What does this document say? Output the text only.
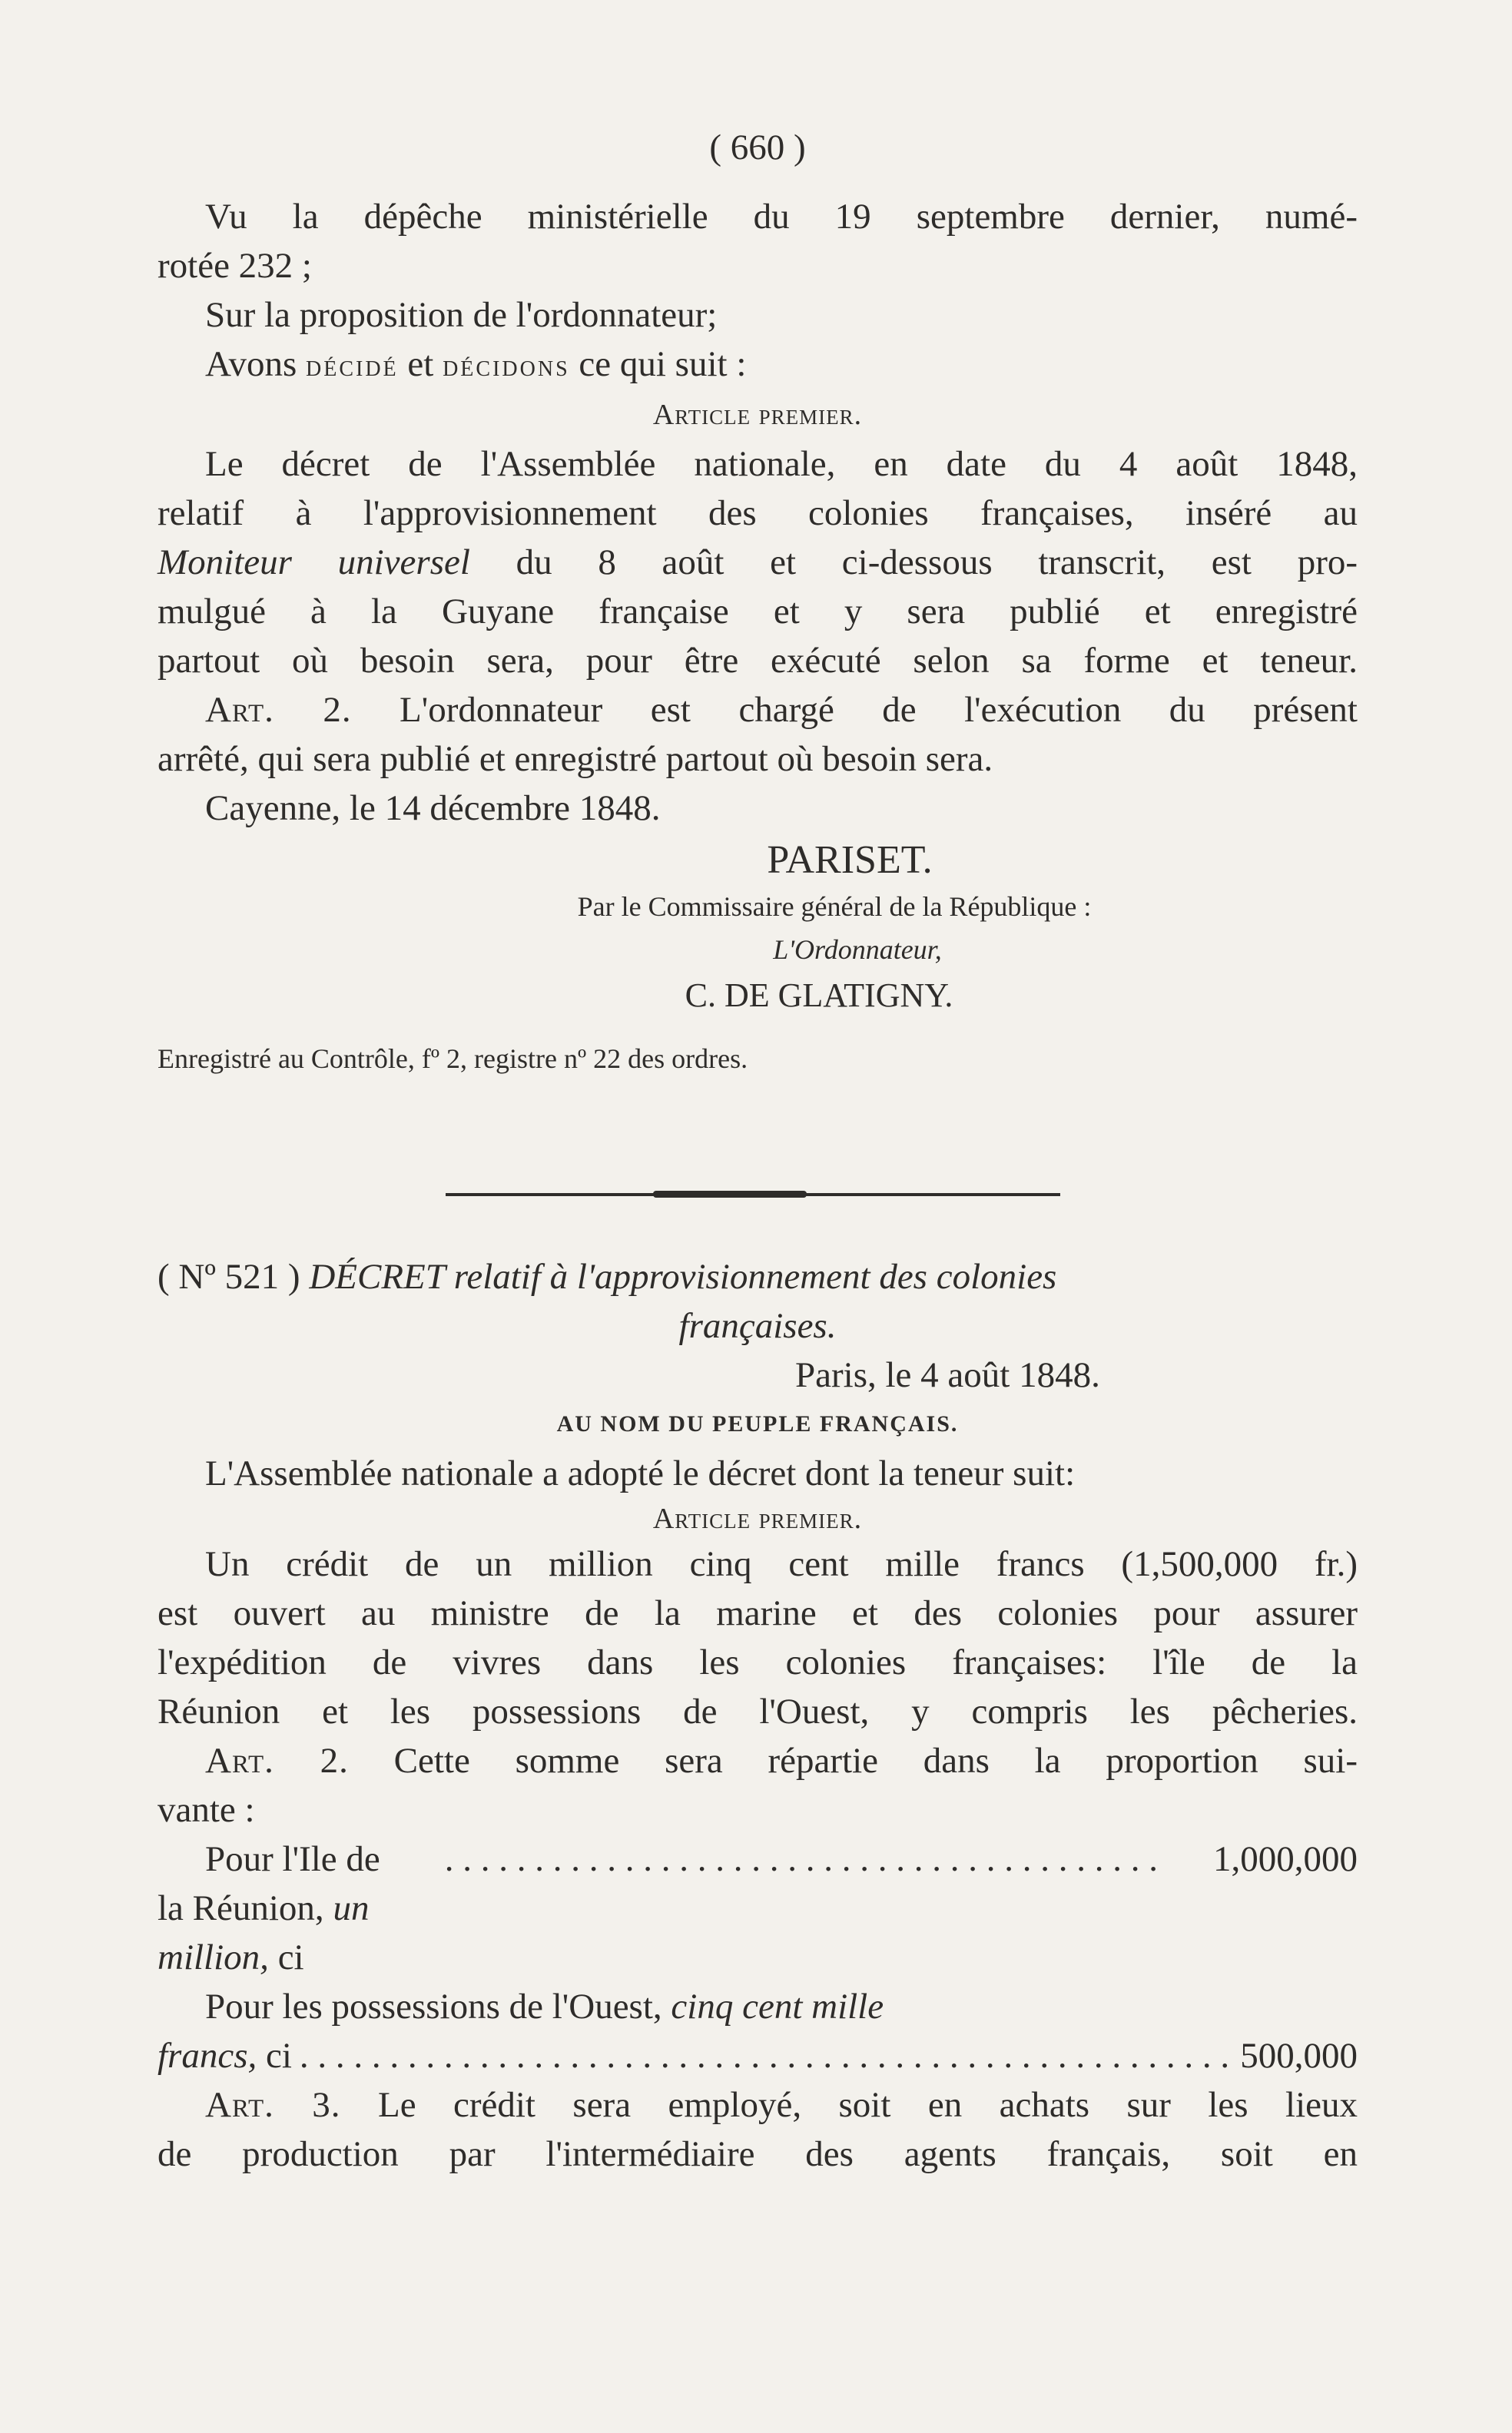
( 660 )

Vu la dépêche ministérielle du 19 septembre dernier, numé-

rotée 232 ;

Sur la proposition de l'ordonnateur;

Avons décidé et décidons ce qui suit :

Article premier.

Le décret de l'Assemblée nationale, en date du 4 août 1848,

relatif à l'approvisionnement des colonies françaises, inséré au

Moniteur universel du 8 août et ci-dessous transcrit, est pro-

mulgué à la Guyane française et y sera publié et enregistré

partout où besoin sera, pour être exécuté selon sa forme et teneur.

Art. 2. L'ordonnateur est chargé de l'exécution du présent

arrêté, qui sera publié et enregistré partout où besoin sera.

Cayenne, le 14 décembre 1848.

PARISET.

Par le Commissaire général de la République :

L'Ordonnateur,

C. DE GLATIGNY.

Enregistré au Contrôle, fº 2, registre nº 22 des ordres.

( Nº 521 ) DÉCRET relatif à l'approvisionnement des colonies

françaises.

Paris, le 4 août 1848.

AU NOM DU PEUPLE FRANÇAIS.

L'Assemblée nationale a adopté le décret dont la teneur suit:

Article premier.

Un crédit de un million cinq cent mille francs (1,500,000 fr.)

est ouvert au ministre de la marine et des colonies pour assurer

l'expédition de vivres dans les colonies françaises: l'île de la

Réunion et les possessions de l'Ouest, y compris les pêcheries.

Art. 2. Cette somme sera répartie dans la proportion sui-

vante :

Pour l'Ile de la Réunion, un million, ci
. . . . . . . . . . . . . . . . . . . . . . . . . . . . . . . . . . . . . . . .	1,000,000

Pour les possessions de l'Ouest, cinq cent mille

francs, ci . . . . . . . . . . . . . . . . . . . . . . . . . . . . . . . . . . . . . . . . . . . . . . . . . . . . 500,000

Art. 3. Le crédit sera employé, soit en achats sur les lieux

de production par l'intermédiaire des agents français, soit en
